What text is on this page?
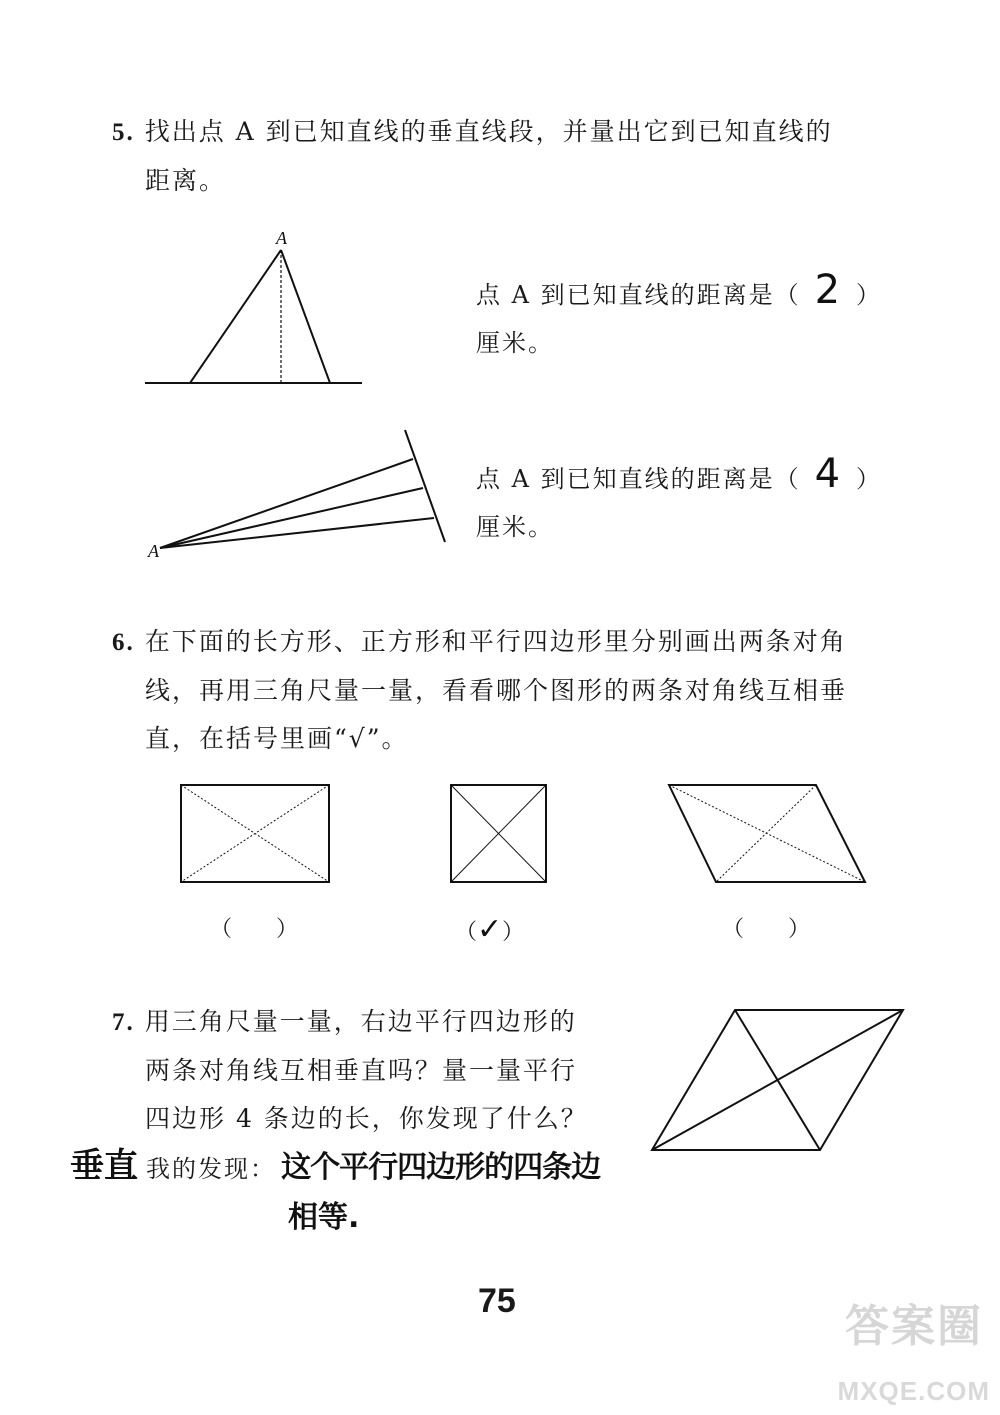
5. 找出点 A 到已知直线的垂直线段，并量出它到已知直线的
距离。
点 A 到已知直线的距离是（ 2 ）
厘米。
点 A 到已知直线的距离是（ 4 ）
厘米。
6. 在下面的长方形、正方形和平行四边形里分别画出两条对角
线，再用三角尺量一量，看看哪个图形的两条对角线互相垂
直，在括号里画“√”。
（　　）	（✓）	（　　）
7. 用三角尺量一量，右边平行四边形的
两条对角线互相垂直吗？量一量平行
四边形 4 条边的长，你发现了什么？
垂直 我的发现： 这个平行四边形的四条边
相等.
A
A
75	答案圈
MXQE.COM
